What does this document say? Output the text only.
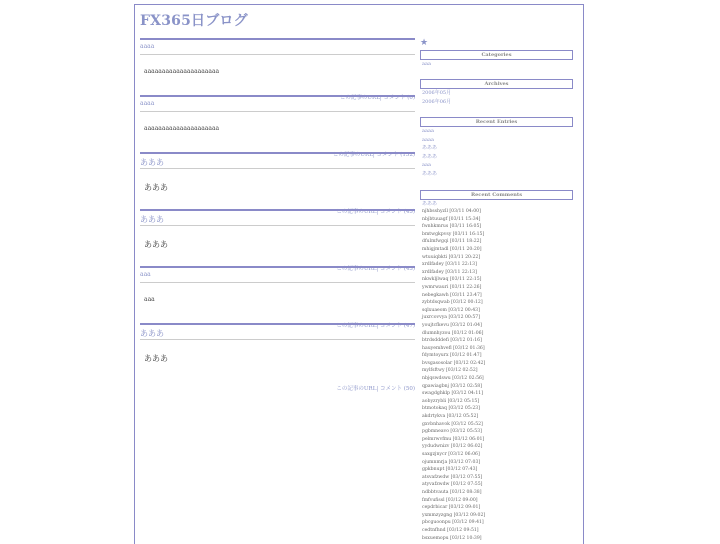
FX365日ブログ
aaaa
aaaaaaaaaaaaaaaaaaaaa
この記事のURL| コメント (0)
aaaa
aaaaaaaaaaaaaaaaaaaaa
この記事のURL| コメント (152)
あああ
あああ
この記事のURL| コメント (45)
あああ
あああ
この記事のURL| コメント (43)
aaa
aaa
この記事のURL| コメント (47)
あああ
あああ
この記事のURL| コメント (50)
★
Categories
aaa
Archives
2006年05月
2006年06月
Recent Entries
aaaa
aaaa
あああ
あああ
aaa
あああ
Recent Comments
あああ
njhbsshyzll [03/11 04:00]
nbjbtuuagf [03/11 15:34]
fwnhkmrus [03/11 16:05]
bmtwgkpvsy [03/11 16:15]
dfulmfwgqi [03/11 18:22]
mhigjmtadl [03/11 20:20]
wtuuiqbkti [03/11 20:22]
xrdlfadey [03/11 22:13]
xrdlfadey [03/11 22:13]
nkwkljlwaq [03/11 22:15]
ywmrwauri [03/11 22:26]
nebegkawh [03/11 23:47]
zybtdsqwab [03/12 00:12]
sqlxuaeom [03/12 00:43]
juxrcovvya [03/12 00:57]
youjtcfkevu [03/12 01:04]
dlumnhyzou [03/12 01:06]
btrdsdddefi [03/12 01:16]
hauyemhvefl [03/12 01:36]
fdymtoyurx [03/12 01:47]
bvsgasosolar [03/12 02:42]
mylfsftwy [03/12 02:52]
nbjqswdswu [03/12 02:56]
qpawiagbnj [03/12 02:58]
swagdghklp [03/12 04:11]
aobyzrybli [03/12 05:15]
btmotokaq [03/12 05:23]
akdrtykva [03/12 05:52]
gxvbnhavok [03/12 05:52]
pgbmneavo [03/12 05:53]
pelmrwvfmu [03/12 06:01]
yydudwnizv [03/12 06:02]
saxgzjnycr [03/12 06:06]
ojumnmrja [03/12 07:03]
gpkbnupt [03/12 07:43]
atsvafzwdw [03/12 07:55]
atyvafzwdw [03/12 07:55]
ndbbtvauta [03/12 08:38]
fmfvufissl [03/12 09:00]
cepdrbicar [03/12 09:01]
yxmmzyzgng [03/12 09:02]
pbcguoonpu [03/12 09:41]
cedtnfhnd [03/12 09:51]
bsxuemopu [03/12 10:39]
